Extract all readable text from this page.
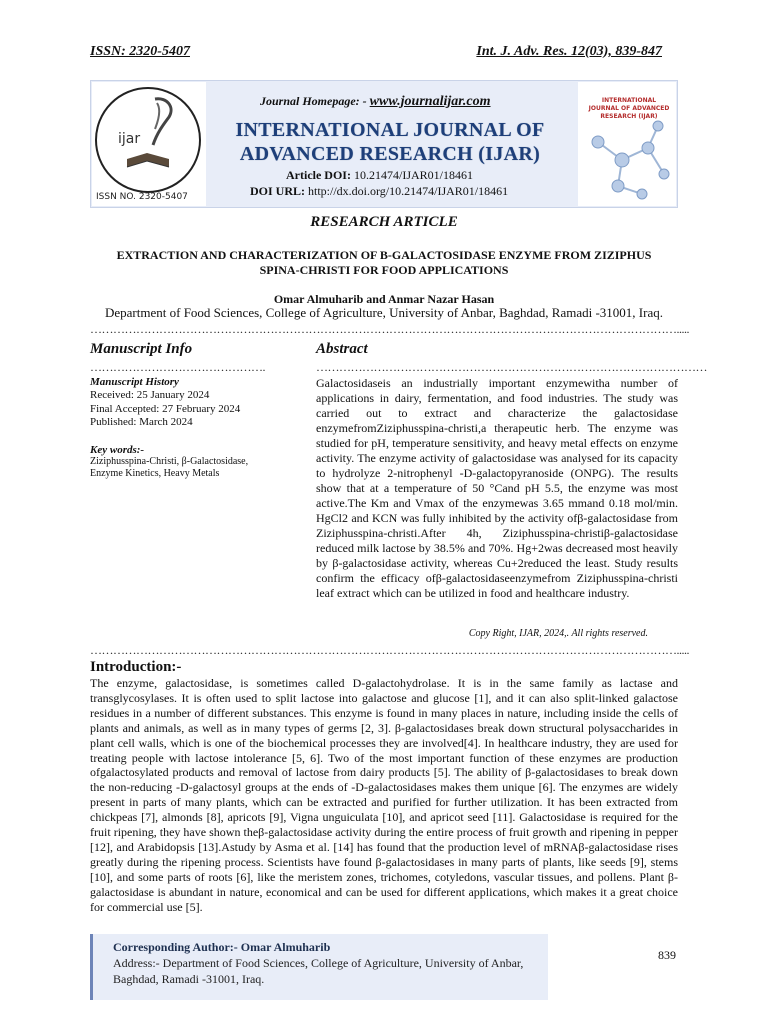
ISSN: 2320-5407	Int. J. Adv. Res. 12(03), 839-847
ijar
ISSN NO. 2320-5407
INTERNATIONAL JOURNAL OF ADVANCED RESEARCH (IJAR)
Journal Homepage: - www.journalijar.com
INTERNATIONAL JOURNAL OF ADVANCED RESEARCH (IJAR)
Article DOI: 10.21474/IJAR01/18461
DOI URL: http://dx.doi.org/10.21474/IJAR01/18461
RESEARCH ARTICLE
EXTRACTION AND CHARACTERIZATION OF Β-GALACTOSIDASE ENZYME FROM ZIZIPHUS SPINA-CHRISTI FOR FOOD APPLICATIONS
Omar Almuharib and Anmar Nazar Hasan
Department of Food Sciences, College of Agriculture, University of Anbar, Baghdad, Ramadi -31001, Iraq.
……………………………………………………………………………………………………………………………………….....
Manuscript Info
……………………………………….
Manuscript History
Received: 25 January 2024
Final Accepted: 27 February 2024
Published: March 2024
Key words:-
Ziziphusspina-Christi, β-Galactosidase, Enzyme Kinetics, Heavy Metals
Abstract
…………………………………………………………………………………………
Galactosidaseis an industrially important enzymewitha number of applications in dairy, fermentation, and food industries. The study was carried out to extract and characterize the galactosidase enzymefromZiziphusspina-christi,a therapeutic herb. The enzyme was studied for pH, temperature sensitivity, and heavy metal effects on enzyme activity. The enzyme activity of galactosidase was analysed for its capacity to hydrolyze 2-nitrophenyl -D-galactopyranoside (ONPG). The results show that at a temperature of 50 °Cand pH 5.5, the enzyme was most active.The Km and Vmax of the enzymewas 3.65 mmand 0.18 mol/min. HgCl2 and KCN was fully inhibited by the activity ofβ-galactosidase from Ziziphusspina-christi.After 4h, Ziziphusspina-christiβ-galactosidase reduced milk lactose by 38.5% and 70%. Hg+2was decreased most heavily by β-galactosidase activity, whereas Cu+2reduced the least. Study results confirm the efficacy ofβ-galactosidaseenzymefrom Ziziphusspina-christi leaf extract which can be utilized in food and healthcare industry.
Copy Right, IJAR, 2024,. All rights reserved.
……………………………………………………………………………………………………………………………………….....
Introduction:-
The enzyme, galactosidase, is sometimes called D-galactohydrolase. It is in the same family as lactase and transglycosylases. It is often used to split lactose into galactose and glucose [1], and it can also split-linked galactose residues in a number of different substances. This enzyme is found in many places in nature, including inside the cells of plants and animals, as well as in many types of germs [2, 3]. β-galactosidases break down structural polysaccharides in plant cell walls, which is one of the biochemical processes they are involved[4]. In healthcare industry, they are used for treating people with lactose intolerance [5, 6]. Two of the most important function of these enzymes are production ofgalactosylated products and removal of lactose from dairy products [5]. The ability of β-galactosidases to break down the non-reducing -D-galactosyl groups at the ends of -D-galactosidases makes them unique [6]. The enzymes are widely present in parts of many plants, which can be extracted and purified for further utilization. It has been extracted from chickpeas [7], almonds [8], apricots [9], Vigna unguiculata [10], and apricot seed [11]. Galactosidase is required for the fruit ripening, they have shown theβ-galactosidase activity during the entire process of fruit growth and ripening in pepper [12], and Arabidopsis [13].Astudy by Asma et al. [14] has found that the production level of mRNAβ-galactosidase rises greatly during the ripening process. Scientists have found β-galactosidases in many parts of plants, like seeds [9], stems [10], and some parts of roots [6], like the meristem zones, trichomes, cotyledons, vascular tissues, and pollens. Plant β-galactosidase is abundant in nature, economical and can be used for different applications, which makes it a great choice for commercial use [5].
Corresponding Author:- Omar Almuharib
Address:- Department of Food Sciences, College of Agriculture, University of Anbar, Baghdad, Ramadi -31001, Iraq.
839
